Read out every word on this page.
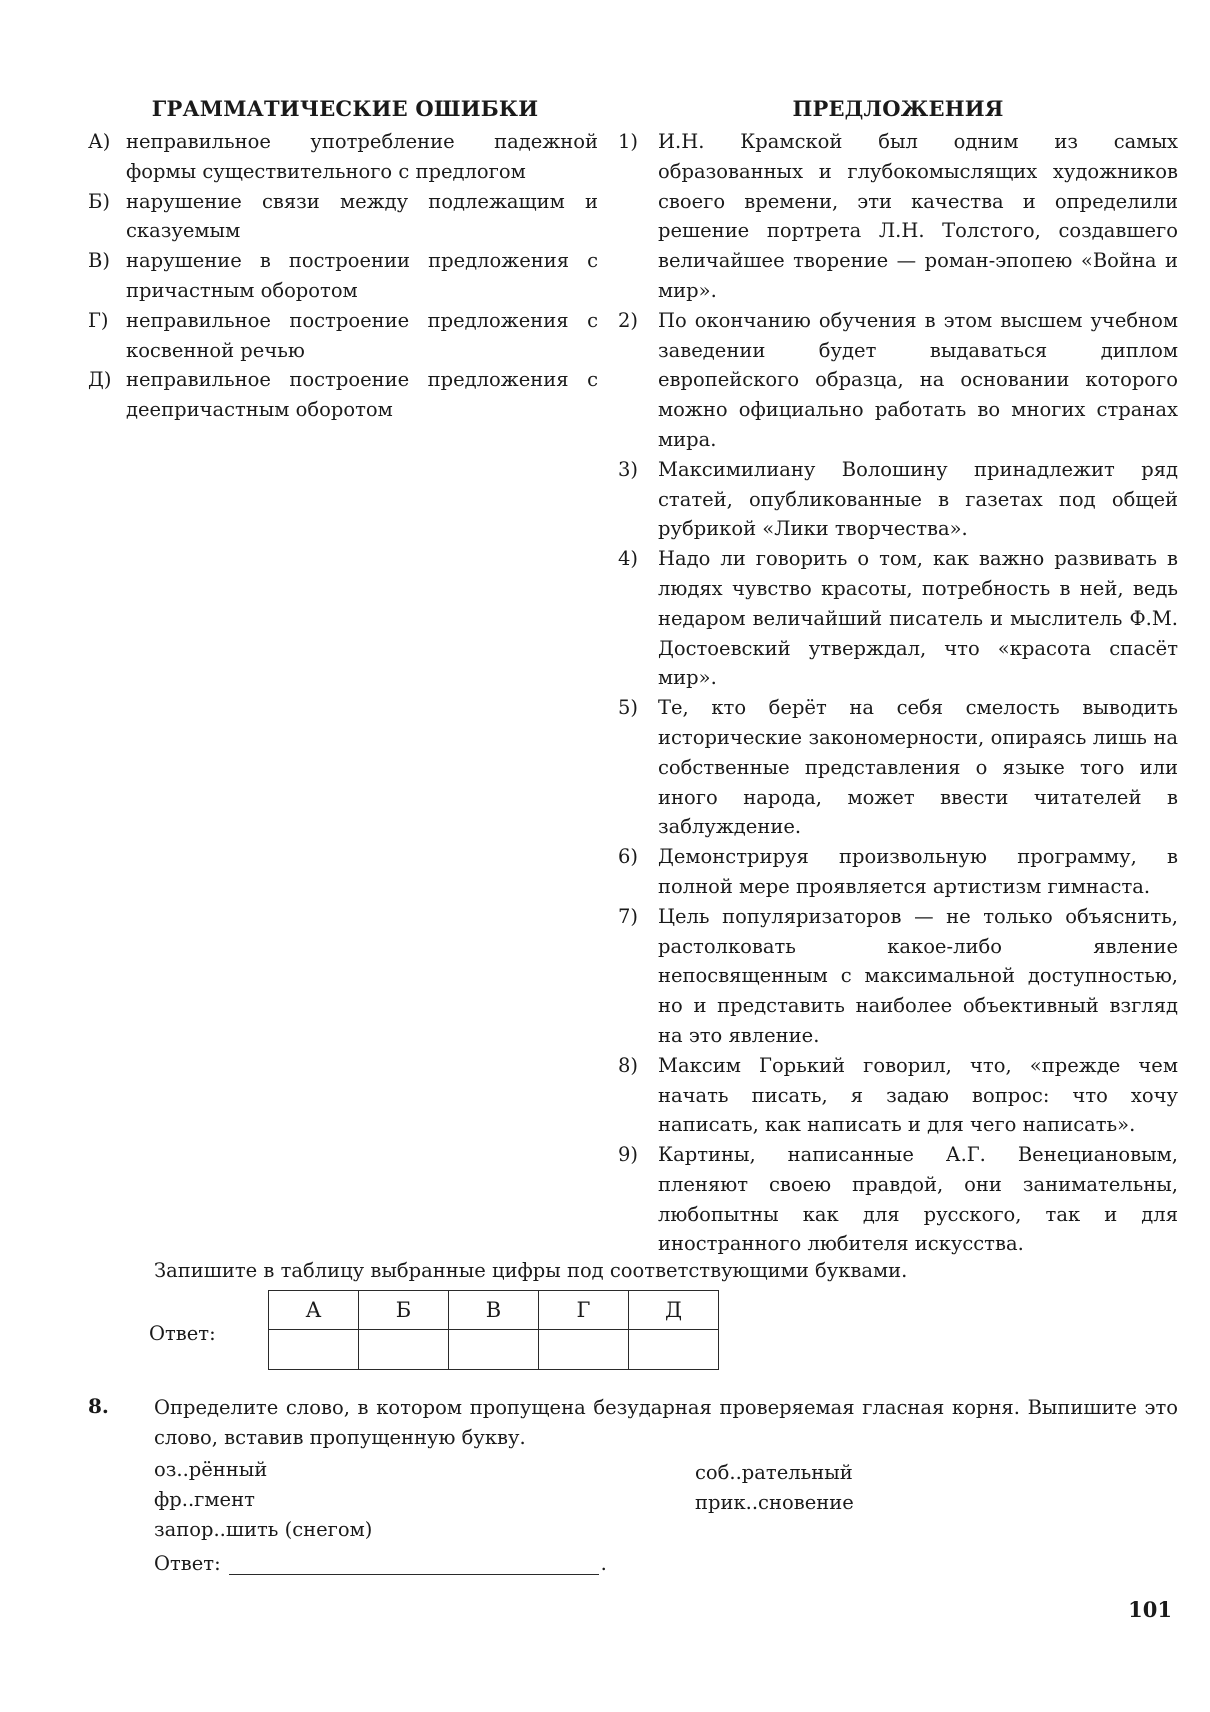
ГРАММАТИЧЕСКИЕ ОШИБКИ	ПРЕДЛОЖЕНИЯ
А) неправильное употребление падежной формы существительного с предлогом
Б) нарушение связи между подлежащим и сказуемым
В) нарушение в построении предложения с причастным оборотом
Г) неправильное построение предложения с косвенной речью
Д) неправильное построение предложения с деепричастным оборотом
1) И.Н. Крамской был одним из самых образованных и глубокомыслящих художников своего времени, эти качества и определили решение портрета Л.Н. Толстого, создавшего величайшее творение — роман-эпопею «Война и мир».
2) По окончанию обучения в этом высшем учебном заведении будет выдаваться диплом европейского образца, на основании которого можно официально работать во многих странах мира.
3) Максимилиану Волошину принадлежит ряд статей, опубликованные в газетах под общей рубрикой «Лики творчества».
4) Надо ли говорить о том, как важно развивать в людях чувство красоты, потребность в ней, ведь недаром величайший писатель и мыслитель Ф.М. Достоевский утверждал, что «красота спасёт мир».
5) Те, кто берёт на себя смелость выводить исторические закономерности, опираясь лишь на собственные представления о языке того или иного народа, может ввести читателей в заблуждение.
6) Демонстрируя произвольную программу, в полной мере проявляется артистизм гимнаста.
7) Цель популяризаторов — не только объяснить, растолковать какое-либо явление непосвященным с максимальной доступностью, но и представить наиболее объективный взгляд на это явление.
8) Максим Горький говорил, что, «прежде чем начать писать, я задаю вопрос: что хочу написать, как написать и для чего написать».
9) Картины, написанные А.Г. Венециановым, пленяют своею правдой, они занимательны, любопытны как для русского, так и для иностранного любителя искусства.
Запишите в таблицу выбранные цифры под соответствующими буквами.
Ответ:
А	Б	В	Г	Д

8. Определите слово, в котором пропущена безударная проверяемая гласная корня. Выпишите это слово, вставив пропущенную букву.
оз..рённый
фр..гмент
запор..шить (снегом)
соб..рательный
прик..сновение
Ответ:	.
101
